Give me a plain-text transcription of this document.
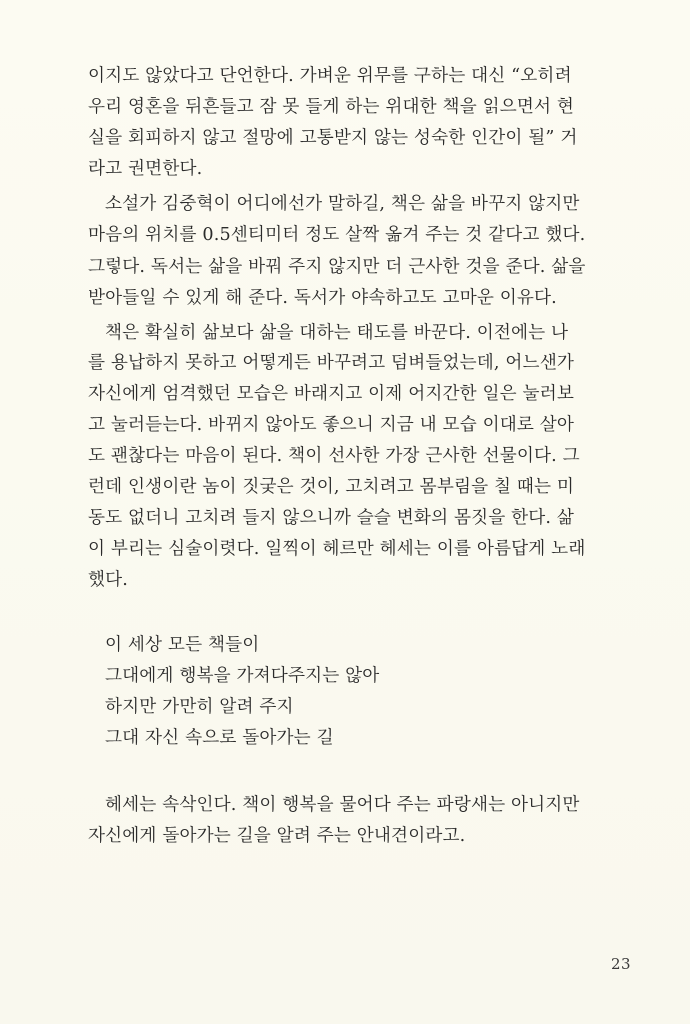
이지도 않았다고 단언한다. 가벼운 위무를 구하는 대신 “오히려
우리 영혼을 뒤흔들고 잠 못 들게 하는 위대한 책을 읽으면서 현
실을 회피하지 않고 절망에 고통받지 않는 성숙한 인간이 될” 거
라고 권면한다.
소설가 김중혁이 어디에선가 말하길, 책은 삶을 바꾸지 않지만
마음의 위치를 0.5센티미터 정도 살짝 옮겨 주는 것 같다고 했다.
그렇다. 독서는 삶을 바꿔 주지 않지만 더 근사한 것을 준다. 삶을
받아들일 수 있게 해 준다. 독서가 야속하고도 고마운 이유다.
책은 확실히 삶보다 삶을 대하는 태도를 바꾼다. 이전에는 나
를 용납하지 못하고 어떻게든 바꾸려고 덤벼들었는데, 어느샌가
자신에게 엄격했던 모습은 바래지고 이제 어지간한 일은 눌러보
고 눌러듣는다. 바뀌지 않아도 좋으니 지금 내 모습 이대로 살아
도 괜찮다는 마음이 된다. 책이 선사한 가장 근사한 선물이다. 그
런데 인생이란 놈이 짓궂은 것이, 고치려고 몸부림을 칠 때는 미
동도 없더니 고치려 들지 않으니까 슬슬 변화의 몸짓을 한다. 삶
이 부리는 심술이렷다. 일찍이 헤르만 헤세는 이를 아름답게 노래
했다.
이 세상 모든 책들이
그대에게 행복을 가져다주지는 않아
하지만 가만히 알려 주지
그대 자신 속으로 돌아가는 길
헤세는 속삭인다. 책이 행복을 물어다 주는 파랑새는 아니지만
자신에게 돌아가는 길을 알려 주는 안내견이라고.
23
